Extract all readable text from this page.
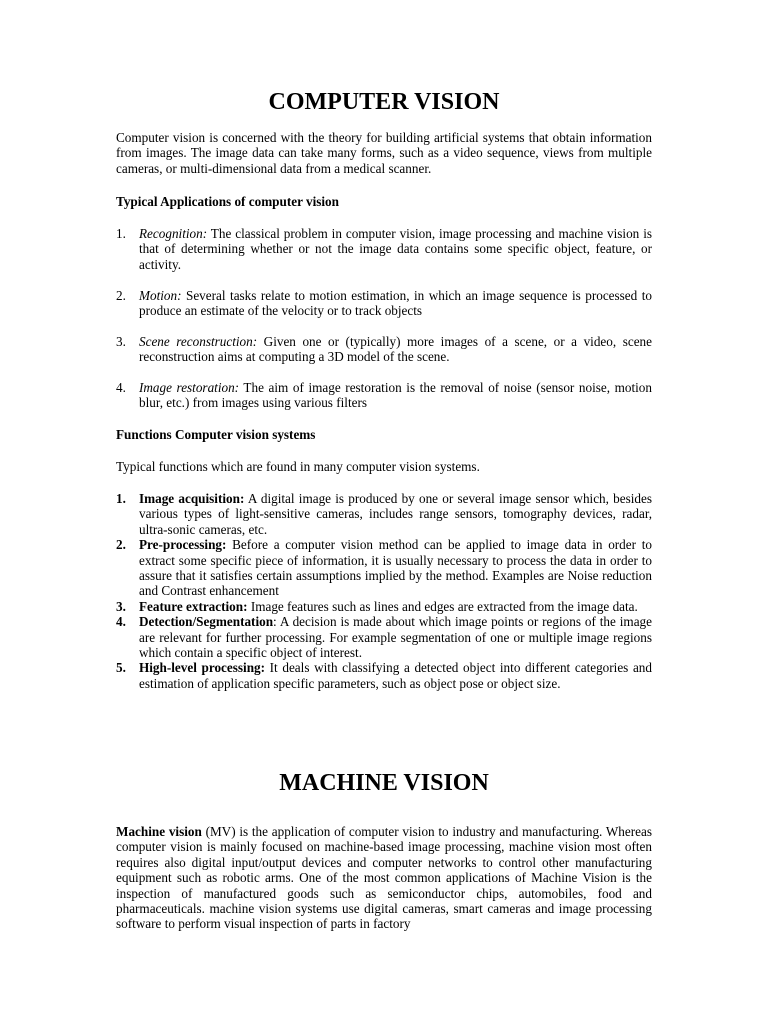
COMPUTER VISION

Computer vision is concerned with the theory for building artificial systems that obtain information from images. The image data can take many forms, such as a video sequence, views from multiple cameras, or multi-dimensional data from a medical scanner.

Typical Applications of computer vision

1. Recognition: The classical problem in computer vision, image processing and machine vision is that of determining whether or not the image data contains some specific object, feature, or activity.
2. Motion: Several tasks relate to motion estimation, in which an image sequence is processed to produce an estimate of the velocity or to track objects
3. Scene reconstruction: Given one or (typically) more images of a scene, or a video, scene reconstruction aims at computing a 3D model of the scene.
4. Image restoration: The aim of image restoration is the removal of noise (sensor noise, motion blur, etc.) from images using various filters

Functions Computer vision systems

Typical functions which are found in many computer vision systems.

1. Image acquisition: A digital image is produced by one or several image sensor which, besides various types of light-sensitive cameras, includes range sensors, tomography devices, radar, ultra-sonic cameras, etc.
2. Pre-processing: Before a computer vision method can be applied to image data in order to extract some specific piece of information, it is usually necessary to process the data in order to assure that it satisfies certain assumptions implied by the method. Examples are Noise reduction and Contrast enhancement
3. Feature extraction: Image features such as lines and edges are extracted from the image data.
4. Detection/Segmentation: A decision is made about which image points or regions of the image are relevant for further processing. For example segmentation of one or multiple image regions which contain a specific object of interest.
5. High-level processing: It deals with classifying a detected object into different categories and estimation of application specific parameters, such as object pose or object size.
MACHINE VISION

Machine vision (MV) is the application of computer vision to industry and manufacturing. Whereas computer vision is mainly focused on machine-based image processing, machine vision most often requires also digital input/output devices and computer networks to control other manufacturing equipment such as robotic arms. One of the most common applications of Machine Vision is the inspection of manufactured goods such as semiconductor chips, automobiles, food and pharmaceuticals. machine vision systems use digital cameras, smart cameras and image processing software to perform visual inspection of parts in factory
